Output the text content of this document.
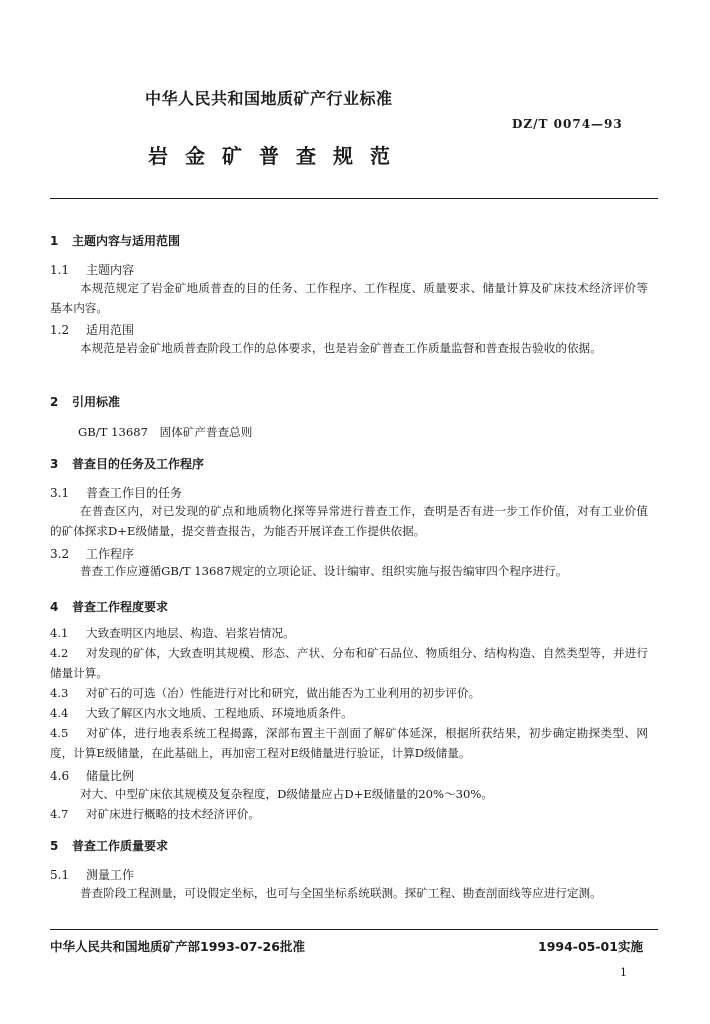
中华人民共和国地质矿产行业标准
DZ/T 0074—93
岩金矿普查规范
1 主题内容与适用范围
1.1 主题内容
本规范规定了岩金矿地质普查的目的任务、工作程序、工作程度、质量要求、储量计算及矿床技术经济评价等基本内容。
1.2 适用范围
本规范是岩金矿地质普查阶段工作的总体要求，也是岩金矿普查工作质量监督和普查报告验收的依据。
2 引用标准
GB/T 13687　固体矿产普查总则
3 普查目的任务及工作程序
3.1 普查工作目的任务
在普查区内，对已发现的矿点和地质物化探等异常进行普查工作，查明是否有进一步工作价值，对有工业价值的矿体探求D+E级储量，提交普查报告，为能否开展详查工作提供依据。
3.2 工作程序
普查工作应遵循GB/T 13687规定的立项论证、设计编审、组织实施与报告编审四个程序进行。
4 普查工作程度要求
4.1 大致查明区内地层、构造、岩浆岩情况。
4.2 对发现的矿体，大致查明其规模、形态、产状、分布和矿石品位、物质组分、结构构造、自然类型等，并进行储量计算。
4.3 对矿石的可选（冶）性能进行对比和研究，做出能否为工业利用的初步评价。
4.4 大致了解区内水文地质、工程地质、环境地质条件。
4.5 对矿体，进行地表系统工程揭露，深部布置主干剖面了解矿体延深，根据所获结果，初步确定勘探类型、网度，计算E级储量，在此基础上，再加密工程对E级储量进行验证，计算D级储量。
4.6 储量比例
对大、中型矿床依其规模及复杂程度，D级储量应占D+E级储量的20%～30%。
4.7 对矿床进行概略的技术经济评价。
5 普查工作质量要求
5.1 测量工作
普查阶段工程测量，可设假定坐标，也可与全国坐标系统联测。探矿工程、勘查剖面线等应进行定测。
中华人民共和国地质矿产部1993-07-26批准	1994-05-01实施
1
